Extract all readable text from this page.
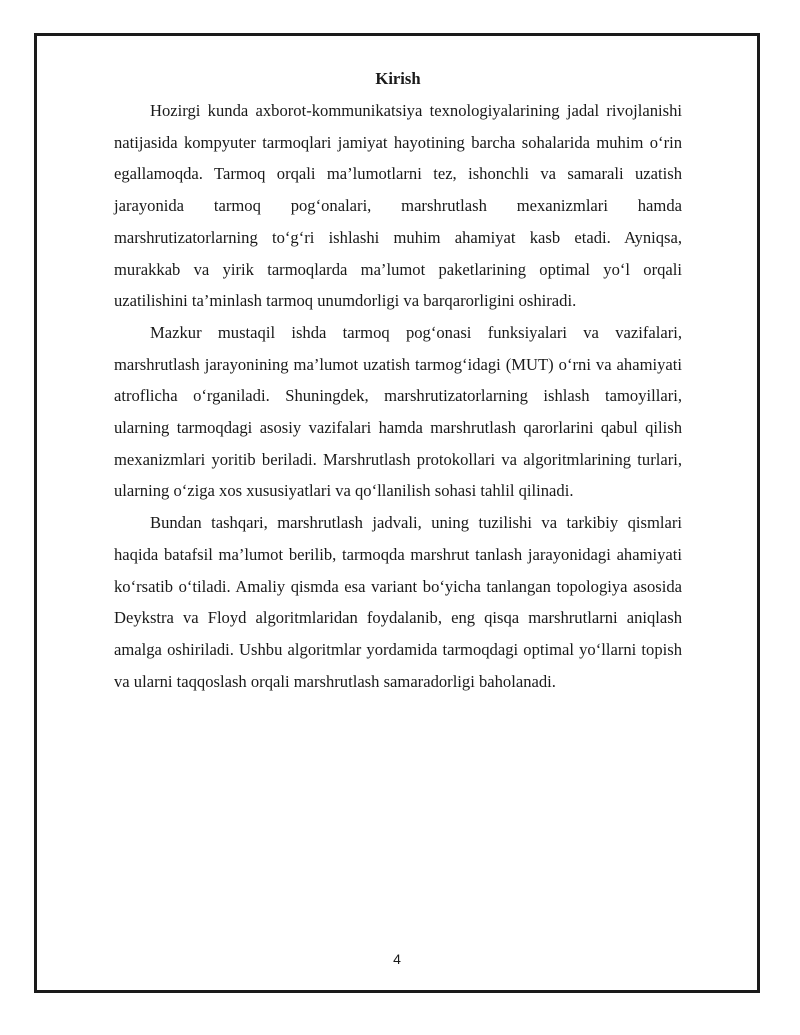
Kirish

Hozirgi kunda axborot-kommunikatsiya texnologiyalarining jadal rivojlanishi natijasida kompyuter tarmoqlari jamiyat hayotining barcha sohalarida muhim o‘rin egallamoqda. Tarmoq orqali ma’lumotlarni tez, ishonchli va samarali uzatish jarayonida tarmoq pog‘onalari, marshrutlash mexanizmlari hamda marshrutizatorlarning to‘g‘ri ishlashi muhim ahamiyat kasb etadi. Ayniqsa, murakkab va yirik tarmoqlarda ma’lumot paketlarining optimal yo‘l orqali uzatilishini ta’minlash tarmoq unumdorligi va barqarorligini oshiradi.

Mazkur mustaqil ishda tarmoq pog‘onasi funksiyalari va vazifalari, marshrutlash jarayonining ma’lumot uzatish tarmog‘idagi (MUT) o‘rni va ahamiyati atroflicha o‘rganiladi. Shuningdek, marshrutizatorlarning ishlash tamoyillari, ularning tarmoqdagi asosiy vazifalari hamda marshrutlash qarorlarini qabul qilish mexanizmlari yoritib beriladi. Marshrutlash protokollari va algoritmlarining turlari, ularning o‘ziga xos xususiyatlari va qo‘llanilish sohasi tahlil qilinadi.

Bundan tashqari, marshrutlash jadvali, uning tuzilishi va tarkibiy qismlari haqida batafsil ma’lumot berilib, tarmoqda marshrut tanlash jarayonidagi ahamiyati ko‘rsatib o‘tiladi. Amaliy qismda esa variant bo‘yicha tanlangan topologiya asosida Deykstra va Floyd algoritmlaridan foydalanib, eng qisqa marshrutlarni aniqlash amalga oshiriladi. Ushbu algoritmlar yordamida tarmoqdagi optimal yo‘llarni topish va ularni taqqoslash orqali marshrutlash samaradorligi baholanadi.

4
